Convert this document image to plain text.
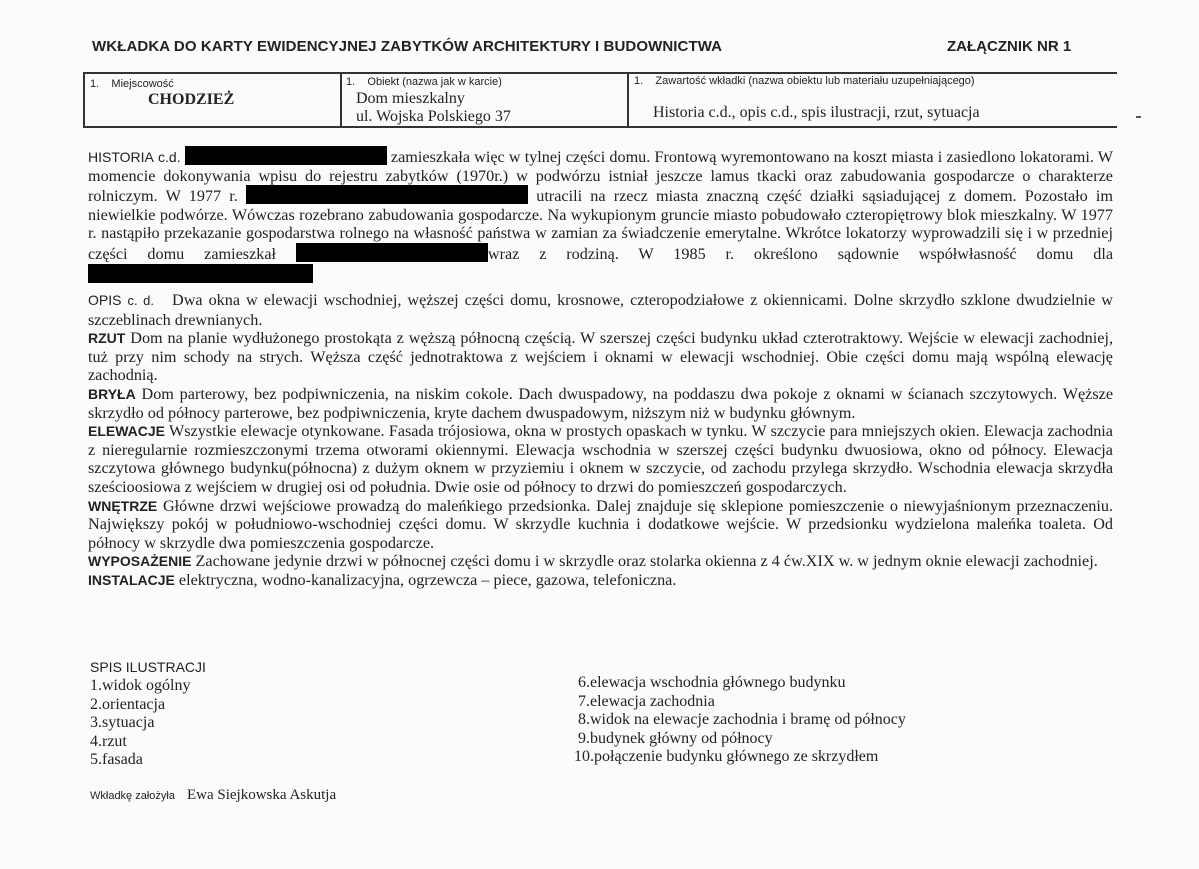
WKŁADKA DO KARTY EWIDENCYJNEJ ZABYTKÓW ARCHITEKTURY I BUDOWNICTWA	ZAŁĄCZNIK NR 1
1. Miejscowość
CHODZIEŻ
1. Obiekt (nazwa jak w karcie)
Dom mieszkalny
ul. Wojska Polskiego 37
1. Zawartość wkładki (nazwa obiektu lub materiału uzupełniającego)
Historia c.d., opis c.d., spis ilustracji, rzut, sytuacja
HISTORIA c.d.	zamieszkała więc w tylnej części domu. Frontową wyremontowano na koszt miasta i zasiedlono lokatorami. W momencie dokonywania wpisu do rejestru zabytków (1970r.) w podwórzu istniał jeszcze lamus tkacki oraz zabudowania gospodarcze o charakterze rolniczym. W 1977 r.	utracili na rzecz miasta znaczną część działki sąsiadującej z domem. Pozostało im niewielkie podwórze. Wówczas rozebrano zabudowania gospodarcze. Na wykupionym gruncie miasto pobudowało czteropiętrowy blok mieszkalny. W 1977 r. nastąpiło przekazanie gospodarstwa rolnego na własność państwa w zamian za świadczenie emerytalne. Wkrótce lokatorzy wyprowadzili się i w przedniej części domu zamieszkał	wraz z rodziną. W 1985 r. określono sądownie współwłasność domu dla
OPIS c. d. Dwa okna w elewacji wschodniej, węższej części domu, krosnowe, czteropodziałowe z okiennicami. Dolne skrzydło szklone dwudzielnie w szczeblinach drewnianych.
RZUT Dom na planie wydłużonego prostokąta z węższą północną częścią. W szerszej części budynku układ czterotraktowy. Wejście w elewacji zachodniej, tuż przy nim schody na strych. Węższa część jednotraktowa z wejściem i oknami w elewacji wschodniej. Obie części domu mają wspólną elewację zachodnią.
BRYŁA Dom parterowy, bez podpiwniczenia, na niskim cokole. Dach dwuspadowy, na poddaszu dwa pokoje z oknami w ścianach szczytowych. Węższe skrzydło od północy parterowe, bez podpiwniczenia, kryte dachem dwuspadowym, niższym niż w budynku głównym.
ELEWACJE Wszystkie elewacje otynkowane. Fasada trójosiowa, okna w prostych opaskach w tynku. W szczycie para mniejszych okien. Elewacja zachodnia z nieregularnie rozmieszczonymi trzema otworami okiennymi. Elewacja wschodnia w szerszej części budynku dwuosiowa, okno od północy. Elewacja szczytowa głównego budynku(północna) z dużym oknem w przyziemiu i oknem w szczycie, od zachodu przylega skrzydło. Wschodnia elewacja skrzydła sześcioosiowa z wejściem w drugiej osi od południa. Dwie osie od północy to drzwi do pomieszczeń gospodarczych.
WNĘTRZE Główne drzwi wejściowe prowadzą do maleńkiego przedsionka. Dalej znajduje się sklepione pomieszczenie o niewyjaśnionym przeznaczeniu. Największy pokój w południowo-wschodniej części domu. W skrzydle kuchnia i dodatkowe wejście. W przedsionku wydzielona maleńka toaleta. Od północy w skrzydle dwa pomieszczenia gospodarcze.
WYPOSAŻENIE Zachowane jedynie drzwi w północnej części domu i w skrzydle oraz stolarka okienna z 4 ćw.XIX w. w jednym oknie elewacji zachodniej.
INSTALACJE elektryczna, wodno-kanalizacyjna, ogrzewcza – piece, gazowa, telefoniczna.
SPIS ILUSTRACJI
1.widok ogólny
2.orientacja
3.sytuacja
4.rzut
5.fasada
6.elewacja wschodnia głównego budynku
7.elewacja zachodnia
8.widok na elewacje zachodnia i bramę od północy
9.budynek główny od północy
10.połączenie budynku głównego ze skrzydłem
Wkładkę założyła Ewa Siejkowska Askutja
